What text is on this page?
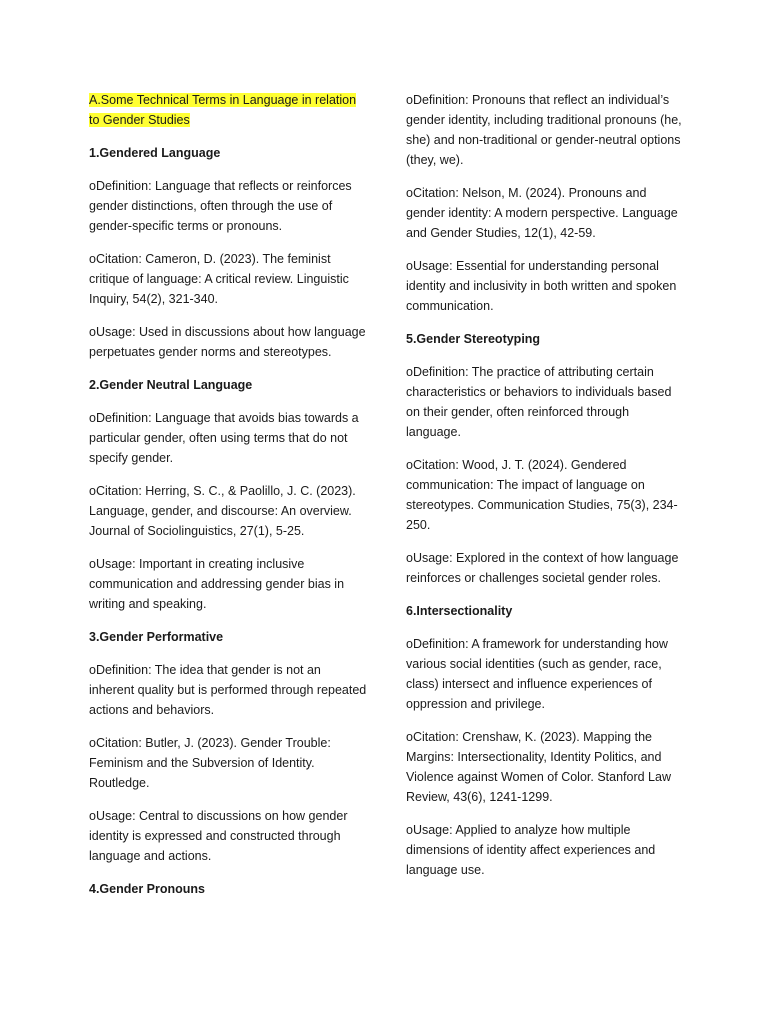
A.Some Technical Terms in Language in relation to Gender Studies

1.Gendered Language

oDefinition: Language that reflects or reinforces gender distinctions, often through the use of gender-specific terms or pronouns.

oCitation: Cameron, D. (2023). The feminist critique of language: A critical review. Linguistic Inquiry, 54(2), 321-340.

oUsage: Used in discussions about how language perpetuates gender norms and stereotypes.

2.Gender Neutral Language

oDefinition: Language that avoids bias towards a particular gender, often using terms that do not specify gender.

oCitation: Herring, S. C., & Paolillo, J. C. (2023). Language, gender, and discourse: An overview. Journal of Sociolinguistics, 27(1), 5-25.

oUsage: Important in creating inclusive communication and addressing gender bias in writing and speaking.

3.Gender Performative

oDefinition: The idea that gender is not an inherent quality but is performed through repeated actions and behaviors.

oCitation: Butler, J. (2023). Gender Trouble: Feminism and the Subversion of Identity. Routledge.

oUsage: Central to discussions on how gender identity is expressed and constructed through language and actions.

4.Gender Pronouns

oDefinition: Pronouns that reflect an individual’s gender identity, including traditional pronouns (he, she) and non-traditional or gender-neutral options (they, we).

oCitation: Nelson, M. (2024). Pronouns and gender identity: A modern perspective. Language and Gender Studies, 12(1), 42-59.

oUsage: Essential for understanding personal identity and inclusivity in both written and spoken communication.

5.Gender Stereotyping

oDefinition: The practice of attributing certain characteristics or behaviors to individuals based on their gender, often reinforced through language.

oCitation: Wood, J. T. (2024). Gendered communication: The impact of language on stereotypes. Communication Studies, 75(3), 234-250.

oUsage: Explored in the context of how language reinforces or challenges societal gender roles.

6.Intersectionality

oDefinition: A framework for understanding how various social identities (such as gender, race, class) intersect and influence experiences of oppression and privilege.

oCitation: Crenshaw, K. (2023). Mapping the Margins: Intersectionality, Identity Politics, and Violence against Women of Color. Stanford Law Review, 43(6), 1241-1299.

oUsage: Applied to analyze how multiple dimensions of identity affect experiences and language use.
